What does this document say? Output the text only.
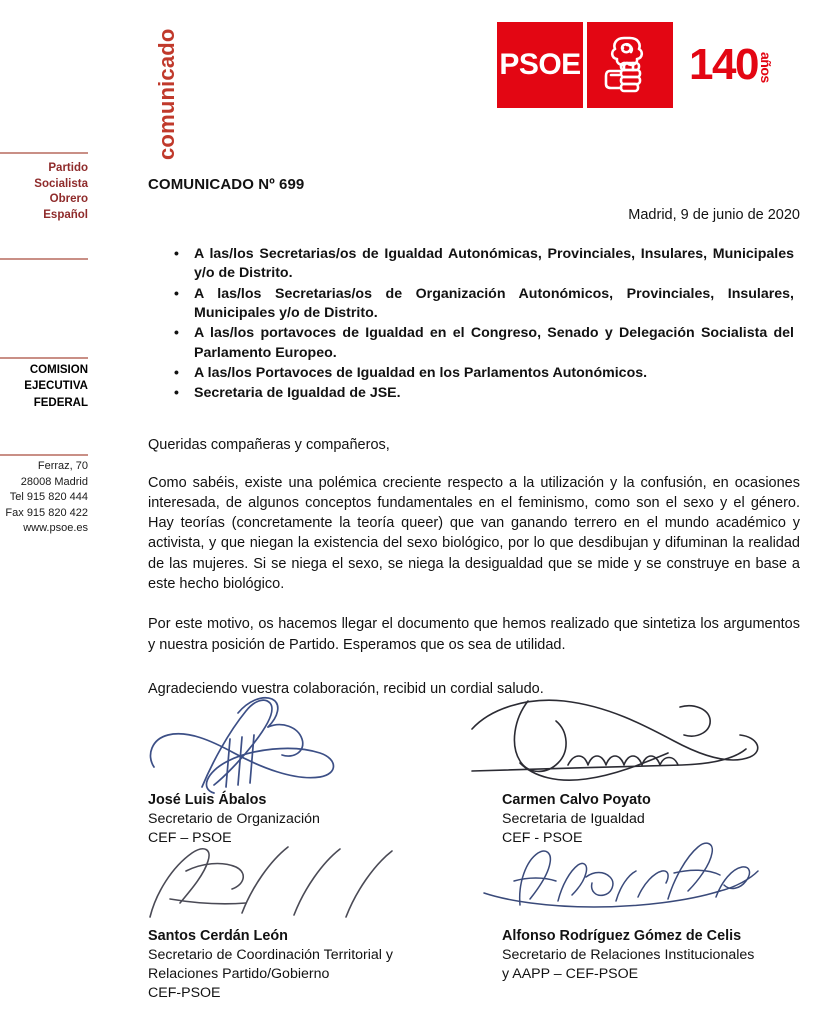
comunicado	PSOE 140 años
Partido
Socialista
Obrero
Español
COMISION
EJECUTIVA
FEDERAL
Ferraz, 70
28008 Madrid
Tel 915 820 444
Fax 915 820 422
www.psoe.es
COMUNICADO Nº 699
Madrid, 9 de junio de 2020
• A las/los Secretarias/os de Igualdad Autonómicas, Provinciales, Insulares, Municipales y/o de Distrito.
• A las/los Secretarias/os de Organización Autonómicos, Provinciales, Insulares, Municipales y/o de Distrito.
• A las/los portavoces de Igualdad en el Congreso, Senado y Delegación Socialista del Parlamento Europeo.
• A las/los Portavoces de Igualdad en los Parlamentos Autonómicos.
• Secretaria de Igualdad de JSE.
Queridas compañeras y compañeros,

Como sabéis, existe una polémica creciente respecto a la utilización y la confusión, en ocasiones interesada, de algunos conceptos fundamentales en el feminismo, como son el sexo y el género. Hay teorías (concretamente la teoría queer) que van ganando terrero en el mundo académico y activista, y que niegan la existencia del sexo biológico, por lo que desdibujan y difuminan la realidad de las mujeres. Si se niega el sexo, se niega la desigualdad que se mide y se construye en base a este hecho biológico.

Por este motivo, os hacemos llegar el documento que hemos realizado que sintetiza los argumentos y nuestra posición de Partido. Esperamos que os sea de utilidad.

Agradeciendo vuestra colaboración, recibid un cordial saludo.

José Luis Ábalos
Secretario de Organización
CEF – PSOE
Carmen Calvo Poyato
Secretaria de Igualdad
CEF - PSOE
Santos Cerdán León
Secretario de Coordinación Territorial y
Relaciones Partido/Gobierno
CEF-PSOE
Alfonso Rodríguez Gómez de Celis
Secretario de Relaciones Institucionales
y AAPP – CEF-PSOE
